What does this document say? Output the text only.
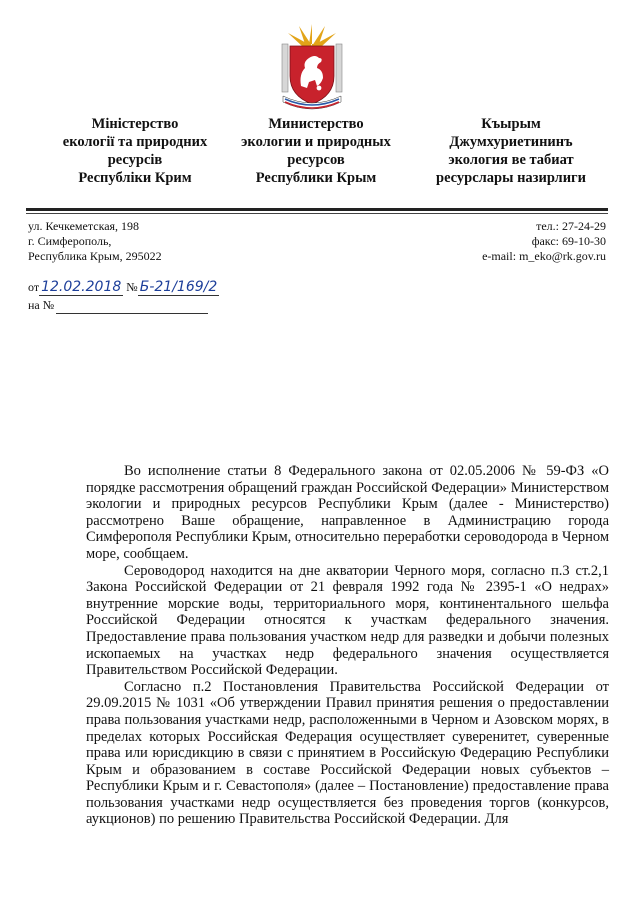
Міністерство
екології та природних
ресурсів
Республіки Крим
Министерство
экологии и природных
ресурсов
Республики Крым
Къырым
Джумхуриетининъ
экология ве табиат
ресурслары назирлиги
ул. Кечкеметская, 198
г. Симферополь,
Республика Крым, 295022
тел.: 27-24-29
факс: 69-10-30
e-mail: m_eko@rk.gov.ru
от 12.02.2018 № Б-21/169/2
на №

Во исполнение статьи 8 Федерального закона от 02.05.2006 № 59-ФЗ «О порядке рассмотрения обращений граждан Российской Федерации» Министерством экологии и природных ресурсов Республики Крым (далее - Министерство) рассмотрено Ваше обращение, направленное в Администрацию города Симферополя Республики Крым, относительно переработки сероводорода в Черном море, сообщаем.

Сероводород находится на дне акватории Черного моря, согласно п.3 ст.2,1 Закона Российской Федерации от 21 февраля 1992 года № 2395-1 «О недрах» внутренние морские воды, территориального моря, континентального шельфа Российской Федерации относятся к участкам федерального значения. Предоставление права пользования участком недр для разведки и добычи полезных ископаемых на участках недр федерального значения осуществляется Правительством Российской Федерации.

Согласно п.2 Постановления Правительства Российской Федерации от 29.09.2015 № 1031 «Об утверждении Правил принятия решения о предоставлении права пользования участками недр, расположенными в Черном и Азовском морях, в пределах которых Российская Федерация осуществляет суверенитет, суверенные права или юрисдикцию в связи с принятием в Российскую Федерацию Республики Крым и образованием в составе Российской Федерации новых субъектов – Республики Крым и г. Севастополя» (далее – Постановление) предоставление права пользования участками недр осуществляется без проведения торгов (конкурсов, аукционов) по решению Правительства Российской Федерации. Для
